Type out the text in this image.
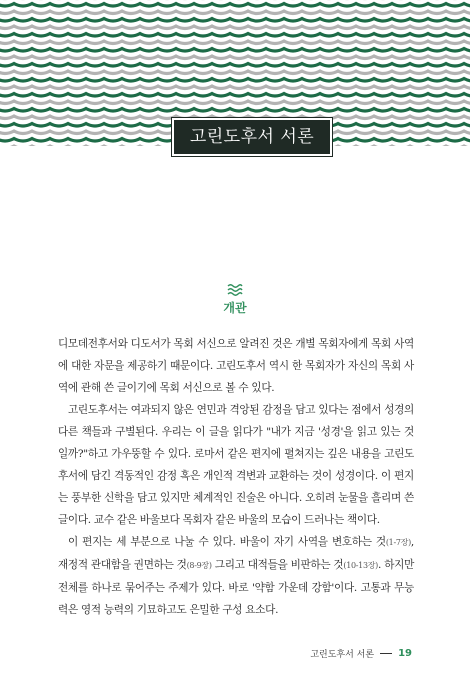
고린도후서 서론
개관

디모데전후서와 디도서가 목회 서신으로 알려진 것은 개별 목회자에게 목회 사역에 대한 자문을 제공하기 때문이다. 고린도후서 역시 한 목회자가 자신의 목회 사역에 관해 쓴 글이기에 목회 서신으로 볼 수 있다.

고린도후서는 여과되지 않은 연민과 격앙된 감정을 담고 있다는 점에서 성경의 다른 책들과 구별된다. 우리는 이 글을 읽다가 "내가 지금 '성경'을 읽고 있는 것일까?"하고 가우뚱할 수 있다. 로마서 같은 편지에 펼쳐지는 깊은 내용을 고린도후서에 담긴 격동적인 감정 혹은 개인적 격변과 교환하는 것이 성경이다. 이 편지는 풍부한 신학을 담고 있지만 체계적인 진술은 아니다. 오히려 눈물을 흘리며 쓴 글이다. 교수 같은 바울보다 목회자 같은 바울의 모습이 드러나는 책이다.

이 편지는 세 부분으로 나눌 수 있다. 바울이 자기 사역을 변호하는 것(1-7장), 재정적 관대함을 권면하는 것(8-9장) 그리고 대적들을 비판하는 것(10-13장). 하지만 전체를 하나로 묶어주는 주제가 있다. 바로 '약함 가운데 강함'이다. 고통과 무능력은 영적 능력의 기묘하고도 은밀한 구성 요소다.

고린도후서 서론 19
